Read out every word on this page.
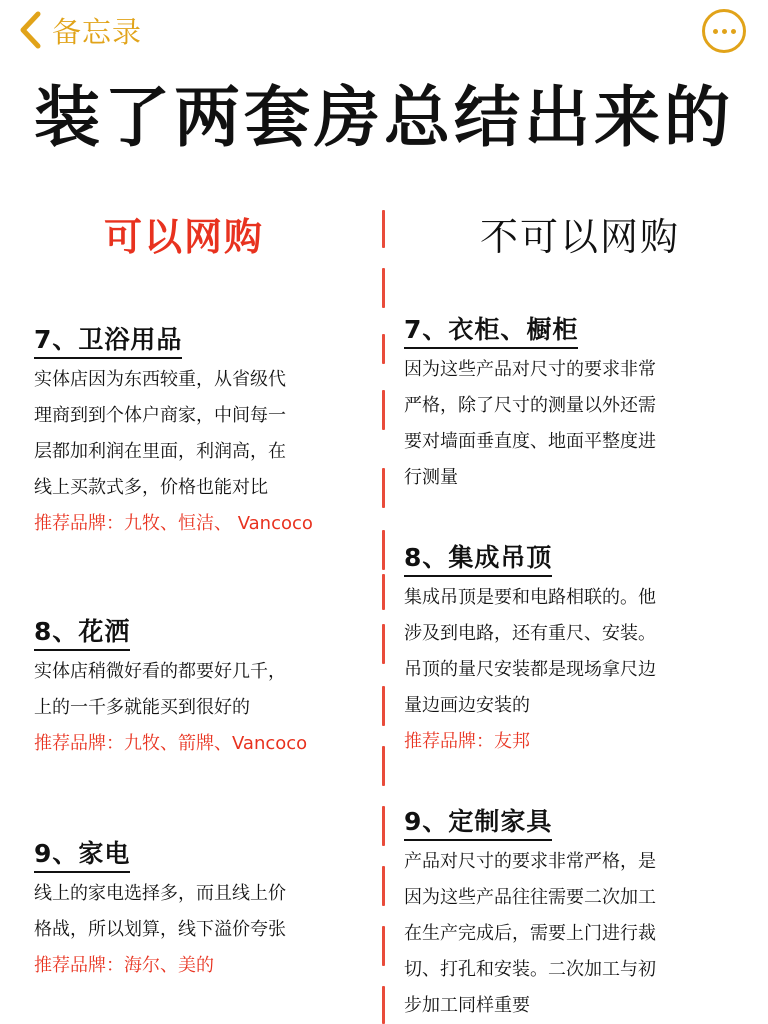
备忘录
装了两套房总结出来的
可以网购	不可以网购
7、卫浴用品
实体店因为东西较重，从省级代
理商到到个体户商家，中间每一
层都加利润在里面，利润高，在
线上买款式多，价格也能对比
推荐品牌：九牧、恒洁、 Vancoco
8、花洒
实体店稍微好看的都要好几千，
上的一千多就能买到很好的
推荐品牌：九牧、箭牌、Vancoco
9、家电
线上的家电选择多，而且线上价
格战，所以划算，线下溢价夸张
推荐品牌：海尔、美的
7、衣柜、橱柜
因为这些产品对尺寸的要求非常
严格，除了尺寸的测量以外还需
要对墙面垂直度、地面平整度进
行测量
8、集成吊顶
集成吊顶是要和电路相联的。他
涉及到电路，还有重尺、安装。
吊顶的量尺安装都是现场拿尺边
量边画边安装的
推荐品牌：友邦
9、定制家具
产品对尺寸的要求非常严格，是
因为这些产品往往需要二次加工
在生产完成后，需要上门进行裁
切、打孔和安装。二次加工与初
步加工同样重要
